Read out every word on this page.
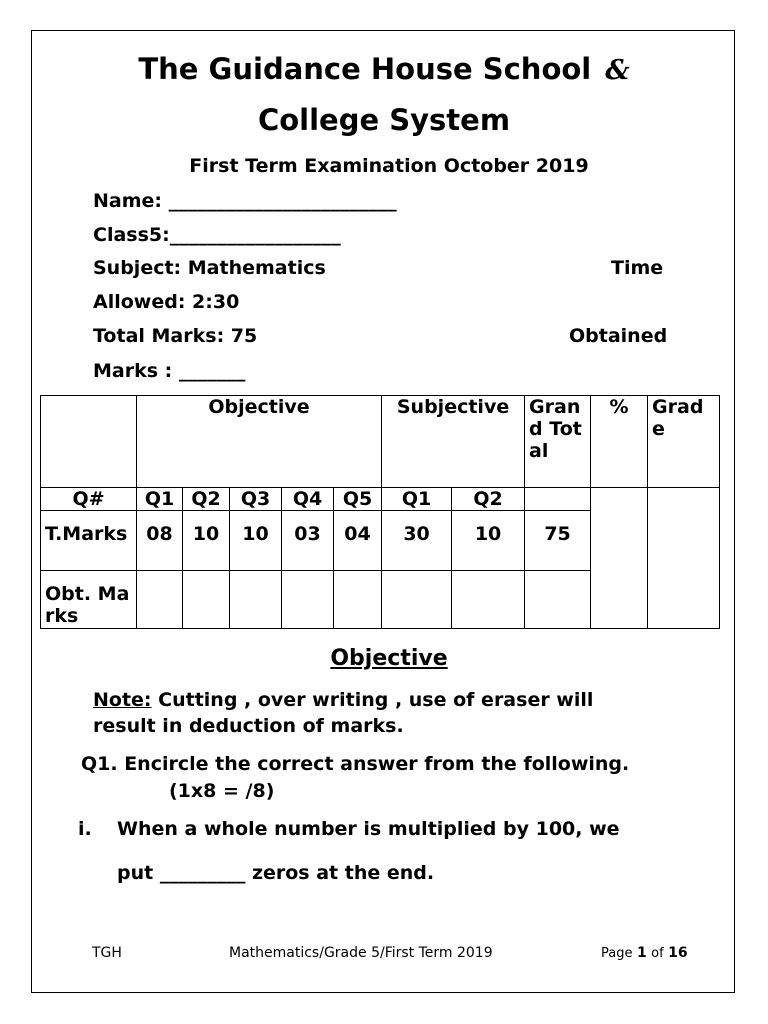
The Guidance House School &
College System
First Term Examination October 2019
Name: ________________________
Class5:__________________
Subject: Mathematics	Time
Allowed: 2:30
Total Marks: 75	Obtained
Marks : _______
	Objective					Subjective		Grand Total	%	Grade
Q#	Q1	Q2	Q3	Q4	Q5	Q1	Q2			
T.Marks	08	10	10	03	04	30	10	75		
Obt. Marks										
Objective
Note: Cutting , over writing , use of eraser will
result in deduction of marks.
Q1. Encircle the correct answer from the following.
(1x8 = /8)
i. When a whole number is multiplied by 100, we
put _________ zeros at the end.
TGH	Mathematics/Grade 5/First Term 2019	Page 1 of 16
